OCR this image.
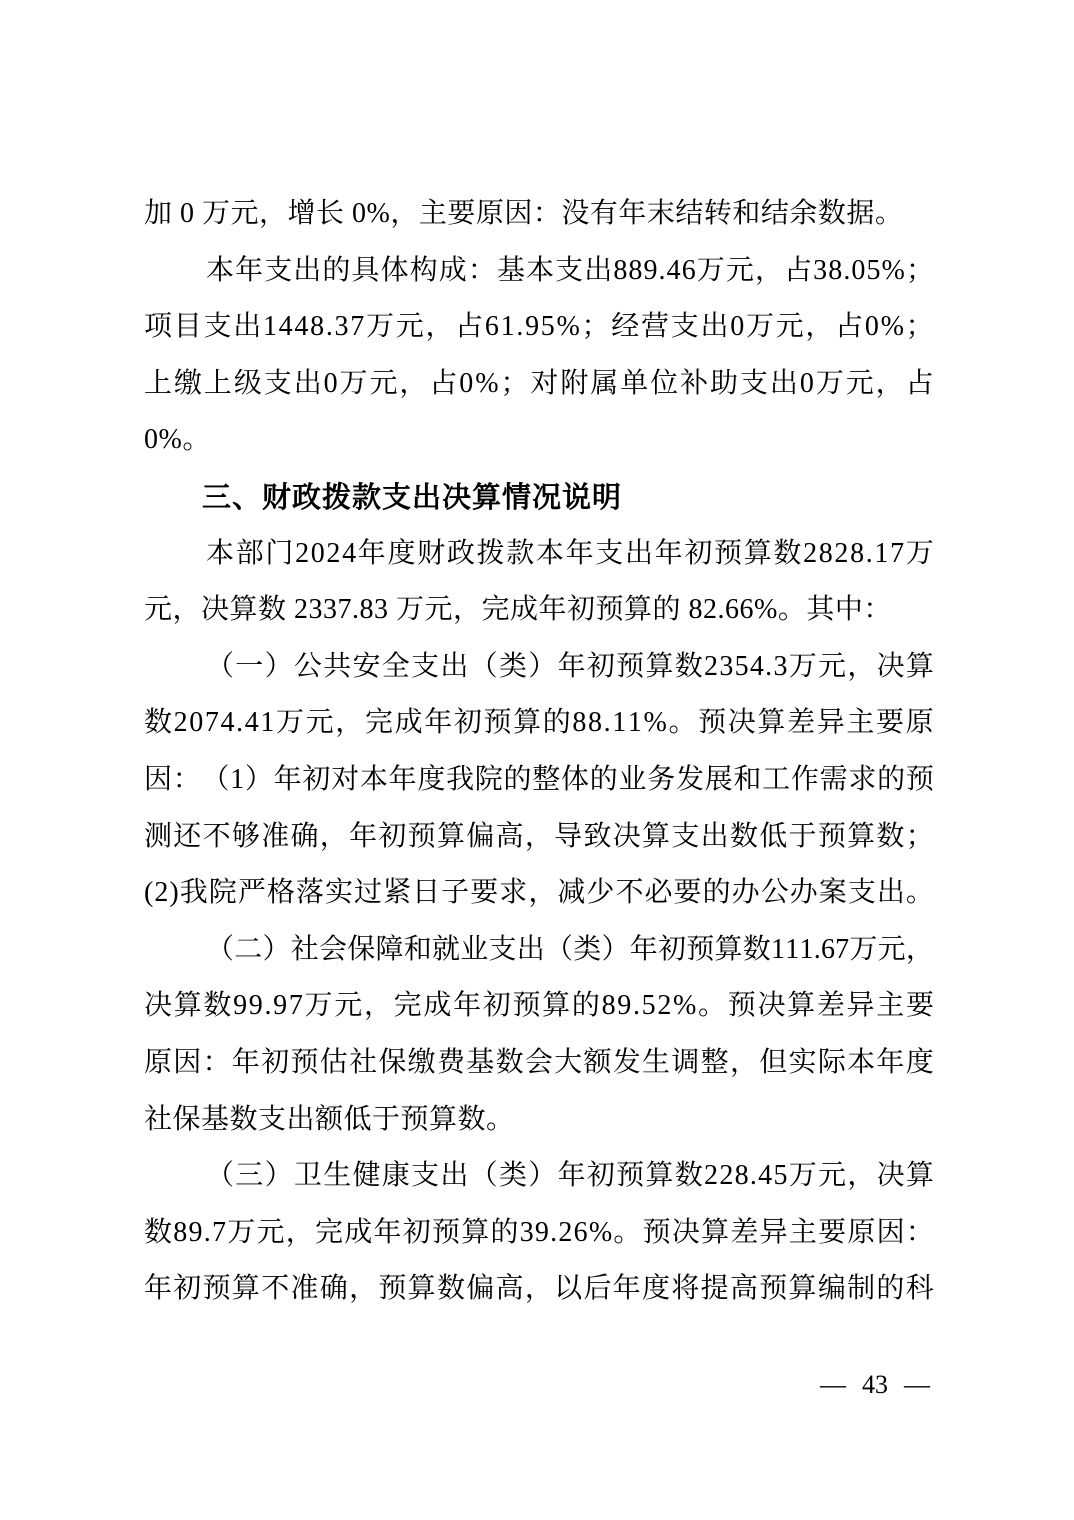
加 0 万元，增长 0%，主要原因：没有年末结转和结余数据。
本 年 支 出 的 具 体 构 成 ： 基 本 支 出 8 8 9 . 4 6 万 元 ， 占 3 8 . 0 5 % ；
项 目 支 出 1 4 4 8 . 3 7 万 元 ， 占 6 1 . 9 5 % ； 经 营 支 出 0 万 元 ， 占 0 % ；
上 缴 上 级 支 出 0 万 元 ， 占 0 % ； 对 附 属 单 位 补 助 支 出 0 万 元 ， 占
0%。
三、财政拨款支出决算情况说明
本 部 门 2 0 2 4 年 度 财 政 拨 款 本 年 支 出 年 初 预 算 数 2 8 2 8 . 1 7 万
元，决算数 2337.83 万元，完成年初预算的 82.66%。其中：
（ 一 ） 公 共 安 全 支 出 （ 类 ） 年 初 预 算 数 2 3 5 4 . 3 万 元 ， 决 算
数 2 0 7 4 . 4 1 万 元 ， 完 成 年 初 预 算 的 8 8 . 1 1 % 。 预 决 算 差 异 主 要 原
因 ： （ 1 ） 年 初 对 本 年 度 我 院 的 整 体 的 业 务 发 展 和 工 作 需 求 的 预
测 还 不 够 准 确 ， 年 初 预 算 偏 高 ， 导 致 决 算 支 出 数 低 于 预 算 数 ；
( 2 ) 我 院 严 格 落 实 过 紧 日 子 要 求 ， 减 少 不 必 要 的 办 公 办 案 支 出 。
（ 二 ） 社 会 保 障 和 就 业 支 出 （ 类 ） 年 初 预 算 数 1 1 1 . 6 7 万 元 ，
决 算 数 9 9 . 9 7 万 元 ， 完 成 年 初 预 算 的 8 9 . 5 2 % 。 预 决 算 差 异 主 要
原 因 ： 年 初 预 估 社 保 缴 费 基 数 会 大 额 发 生 调 整 ， 但 实 际 本 年 度
社保基数支出额低于预算数。
（ 三 ） 卫 生 健 康 支 出 （ 类 ） 年 初 预 算 数 2 2 8 . 4 5 万 元 ， 决 算
数 8 9 . 7 万 元 ， 完 成 年 初 预 算 的 3 9 . 2 6 % 。 预 决 算 差 异 主 要 原 因 ：
年 初 预 算 不 准 确 ， 预 算 数 偏 高 ， 以 后 年 度 将 提 高 预 算 编 制 的 科
— 43 —
